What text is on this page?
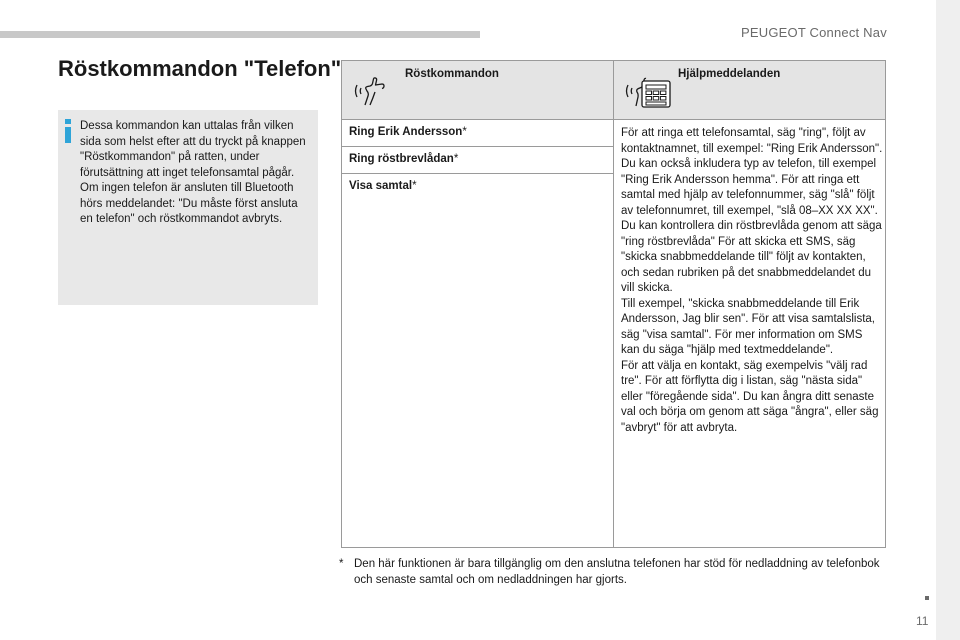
PEUGEOT Connect Nav
Röstkommandon "Telefon"

Dessa kommandon kan uttalas från vilken sida som helst efter att du tryckt på knappen "Röstkommandon" på ratten, under förutsättning att inget telefonsamtal pågår.

Om ingen telefon är ansluten till Bluetooth hörs meddelandet: "Du måste först ansluta en telefon" och röstkommandot avbryts.

Röstkommandon	Hjälpmeddelanden
Ring Erik Andersson*
Ring röstbrevlådan*
Visa samtal*

För att ringa ett telefonsamtal, säg "ring", följt av kontaktnamnet, till exempel: "Ring Erik Andersson". Du kan också inkludera typ av telefon, till exempel "Ring Erik Andersson hemma". För att ringa ett samtal med hjälp av telefonnummer, säg "slå" följt av telefonnumret, till exempel, "slå 08–XX XX XX". Du kan kontrollera din röstbrevlåda genom att säga "ring röstbrevlåda" För att skicka ett SMS, säg "skicka snabbmeddelande till" följt av kontakten, och sedan rubriken på det snabbmeddelandet du vill skicka.

Till exempel, "skicka snabbmeddelande till Erik Andersson, Jag blir sen". För att visa samtalslista, säg "visa samtal". För mer information om SMS kan du säga "hjälp med textmeddelande".

För att välja en kontakt, säg exempelvis "välj rad tre". För att förflytta dig i listan, säg "nästa sida" eller "föregående sida". Du kan ångra ditt senaste val och börja om genom att säga "ångra", eller säg "avbryt" för att avbryta.

* Den här funktionen är bara tillgänglig om den anslutna telefonen har stöd för nedladdning av telefonbok och senaste samtal och om nedladdningen har gjorts.
11
